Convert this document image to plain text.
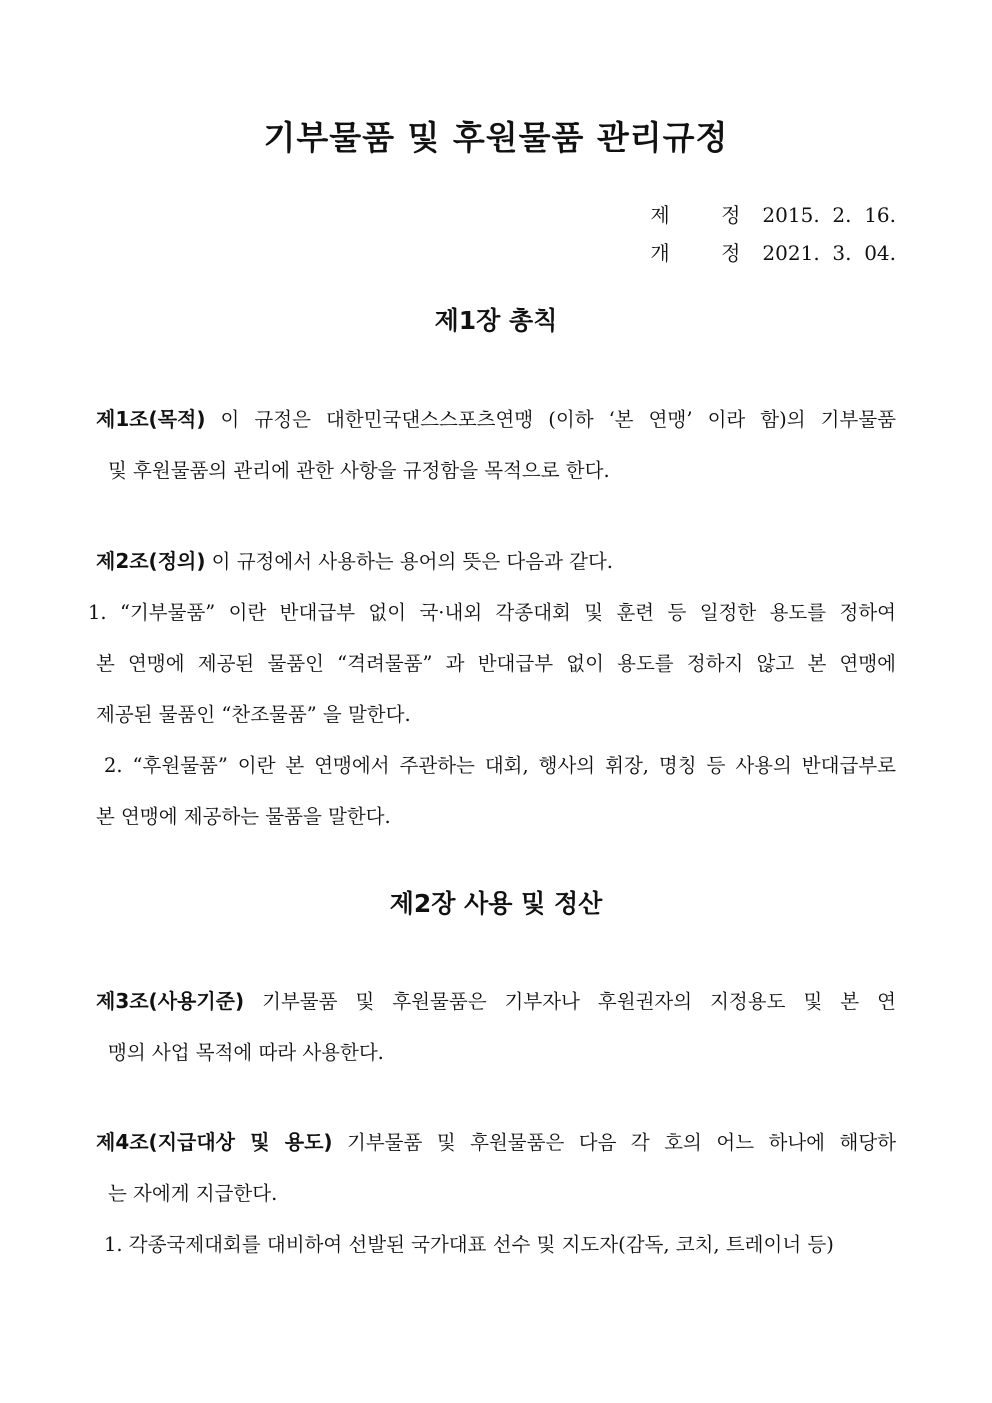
기부물품 및 후원물품 관리규정
제	정 2015.  2.  16.
개	정 2021.  3.  04.
제1장 총칙
제1조(목적) 이 규정은 대한민국댄스스포츠연맹 (이하 ‘본 연맹’ 이라 함)의 기부물품
및 후원물품의 관리에 관한 사항을 규정함을 목적으로 한다.
제2조(정의) 이 규정에서 사용하는 용어의 뜻은 다음과 같다.
1. “기부물품” 이란 반대급부 없이 국·내외 각종대회 및 훈련 등 일정한 용도를 정하여
본 연맹에 제공된 물품인 “격려물품” 과 반대급부 없이 용도를 정하지 않고 본 연맹에
제공된 물품인 “찬조물품” 을 말한다.
2. “후원물품” 이란 본 연맹에서 주관하는 대회, 행사의 휘장, 명칭 등 사용의 반대급부로
본 연맹에 제공하는 물품을 말한다.
제2장 사용 및 정산
제3조(사용기준) 기부물품 및 후원물품은 기부자나 후원권자의 지정용도 및 본 연
맹의 사업 목적에 따라 사용한다.
제4조(지급대상 및 용도) 기부물품 및 후원물품은 다음 각 호의 어느 하나에 해당하
는 자에게 지급한다.
1. 각종국제대회를 대비하여 선발된 국가대표 선수 및 지도자(감독, 코치, 트레이너 등)
